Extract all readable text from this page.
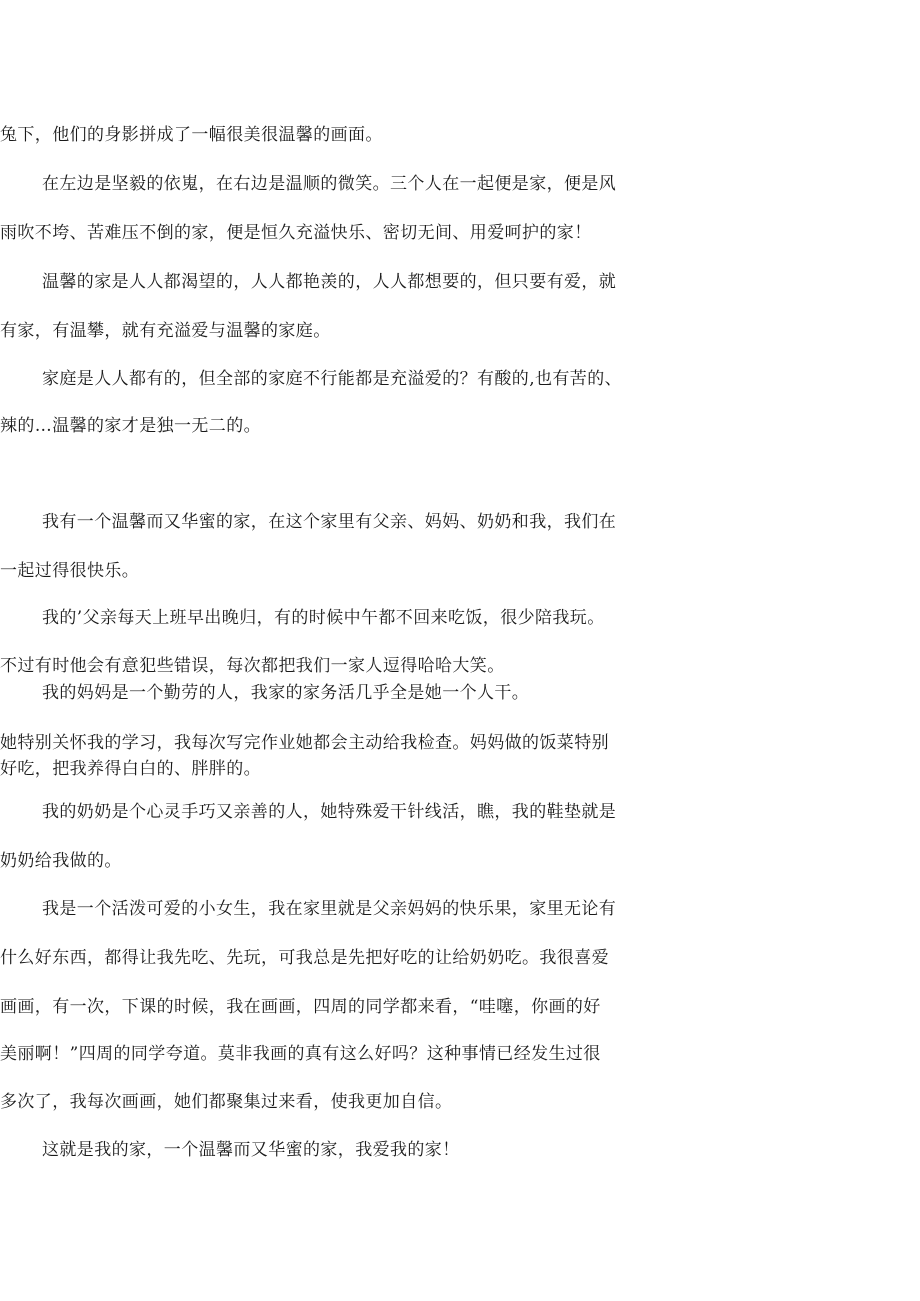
兔下，他们的身影拼成了一幅很美很温馨的画面。

在左边是坚毅的依嵬，在右边是温顺的微笑。三个人在一起便是家，便是风

雨吹不垮、苦难压不倒的家，便是恒久充溢快乐、密切无间、用爱呵护的家！

温馨的家是人人都渴望的，人人都艳羡的，人人都想要的，但只要有爱，就

有家，有温攀，就有充溢爱与温馨的家庭。

家庭是人人都有的，但全部的家庭不行能都是充溢爱的？有酸的,也有苦的、

辣的…温馨的家才是独一无二的。

我有一个温馨而又华蜜的家，在这个家里有父亲、妈妈、奶奶和我，我们在

一起过得很快乐。

我的’父亲每天上班早出晚归，有的时候中午都不回来吃饭，很少陪我玩。

不过有时他会有意犯些错误，每次都把我们一家人逗得哈哈大笑。

我的妈妈是一个勤劳的人，我家的家务活几乎全是她一个人干。

她特别关怀我的学习，我每次写完作业她都会主动给我检查。妈妈做的饭菜特别

好吃，把我养得白白的、胖胖的。

我的奶奶是个心灵手巧又亲善的人，她特殊爱干针线活，瞧，我的鞋垫就是

奶奶给我做的。

我是一个活泼可爱的小女生，我在家里就是父亲妈妈的快乐果，家里无论有

什么好东西，都得让我先吃、先玩，可我总是先把好吃的让给奶奶吃。我很喜爱

画画，有一次，下课的时候，我在画画，四周的同学都来看，“哇噻，你画的好

美丽啊！”四周的同学夸道。莫非我画的真有这么好吗？这种事情已经发生过很

多次了，我每次画画，她们都聚集过来看，使我更加自信。

这就是我的家，一个温馨而又华蜜的家，我爱我的家！
